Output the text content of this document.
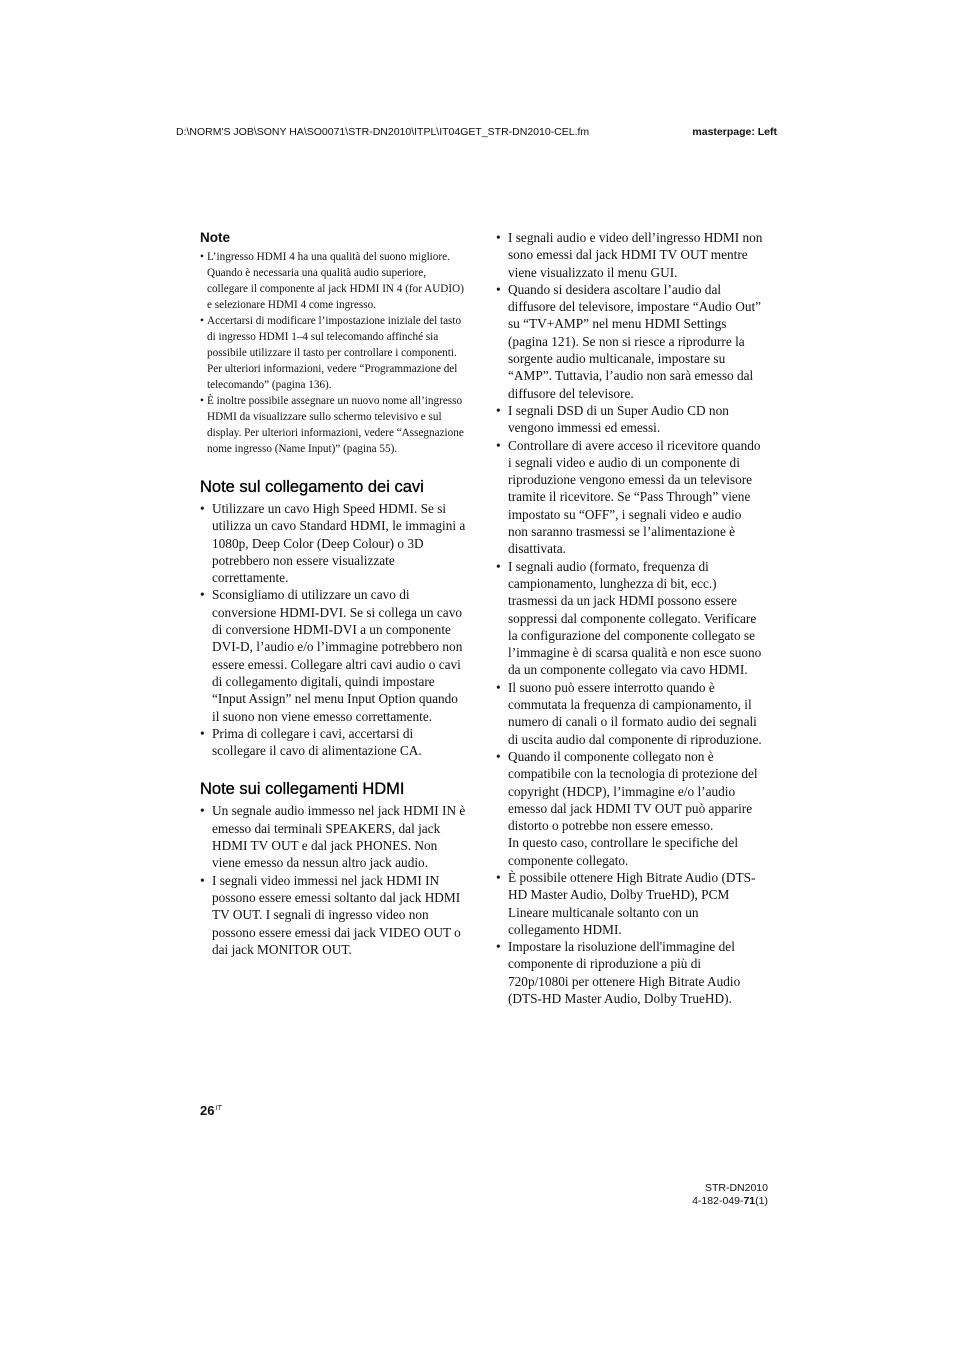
D:\NORM'S JOB\SONY HA\SO0071\STR-DN2010\ITPL\IT04GET_STR-DN2010-CEL.fm	masterpage: Left
Note
• L’ingresso HDMI 4 ha una qualità del suono migliore. Quando è necessaria una qualità audio superiore, collegare il componente al jack HDMI IN 4 (for AUDIO) e selezionare HDMI 4 come ingresso.
• Accertarsi di modificare l’impostazione iniziale del tasto di ingresso HDMI 1–4 sul telecomando affinché sia possibile utilizzare il tasto per controllare i componenti. Per ulteriori informazioni, vedere “Programmazione del telecomando” (pagina 136).
• È inoltre possibile assegnare un nuovo nome all’ingresso HDMI da visualizzare sullo schermo televisivo e sul display. Per ulteriori informazioni, vedere “Assegnazione nome ingresso (Name Input)” (pagina 55).
Note sul collegamento dei cavi
• Utilizzare un cavo High Speed HDMI. Se si utilizza un cavo Standard HDMI, le immagini a 1080p, Deep Color (Deep Colour) o 3D potrebbero non essere visualizzate correttamente.
• Sconsigliamo di utilizzare un cavo di conversione HDMI-DVI. Se si collega un cavo di conversione HDMI-DVI a un componente DVI-D, l’audio e/o l’immagine potrebbero non essere emessi. Collegare altri cavi audio o cavi di collegamento digitali, quindi impostare “Input Assign” nel menu Input Option quando il suono non viene emesso correttamente.
• Prima di collegare i cavi, accertarsi di scollegare il cavo di alimentazione CA.
Note sui collegamenti HDMI
• Un segnale audio immesso nel jack HDMI IN è emesso dai terminali SPEAKERS, dal jack HDMI TV OUT e dal jack PHONES. Non viene emesso da nessun altro jack audio.
• I segnali video immessi nel jack HDMI IN possono essere emessi soltanto dal jack HDMI TV OUT. I segnali di ingresso video non possono essere emessi dai jack VIDEO OUT o dai jack MONITOR OUT.
• I segnali audio e video dell’ingresso HDMI non sono emessi dal jack HDMI TV OUT mentre viene visualizzato il menu GUI.
• Quando si desidera ascoltare l’audio dal diffusore del televisore, impostare “Audio Out” su “TV+AMP” nel menu HDMI Settings (pagina 121). Se non si riesce a riprodurre la sorgente audio multicanale, impostare su “AMP”. Tuttavia, l’audio non sarà emesso dal diffusore del televisore.
• I segnali DSD di un Super Audio CD non vengono immessi ed emessi.
• Controllare di avere acceso il ricevitore quando i segnali video e audio di un componente di riproduzione vengono emessi da un televisore tramite il ricevitore. Se “Pass Through” viene impostato su “OFF”, i segnali video e audio non saranno trasmessi se l’alimentazione è disattivata.
• I segnali audio (formato, frequenza di campionamento, lunghezza di bit, ecc.) trasmessi da un jack HDMI possono essere soppressi dal componente collegato. Verificare la configurazione del componente collegato se l’immagine è di scarsa qualità e non esce suono da un componente collegato via cavo HDMI.
• Il suono può essere interrotto quando è commutata la frequenza di campionamento, il numero di canali o il formato audio dei segnali di uscita audio dal componente di riproduzione.
• Quando il componente collegato non è compatibile con la tecnologia di protezione del copyright (HDCP), l’immagine e/o l’audio emesso dal jack HDMI TV OUT può apparire distorto o potrebbe non essere emesso.
In questo caso, controllare le specifiche del componente collegato.
• È possibile ottenere High Bitrate Audio (DTS-HD Master Audio, Dolby TrueHD), PCM Lineare multicanale soltanto con un collegamento HDMI.
• Impostare la risoluzione dell'immagine del componente di riproduzione a più di 720p/1080i per ottenere High Bitrate Audio (DTS-HD Master Audio, Dolby TrueHD).
$26^{IT}$
STR-DN2010
4-182-049-71(1)
